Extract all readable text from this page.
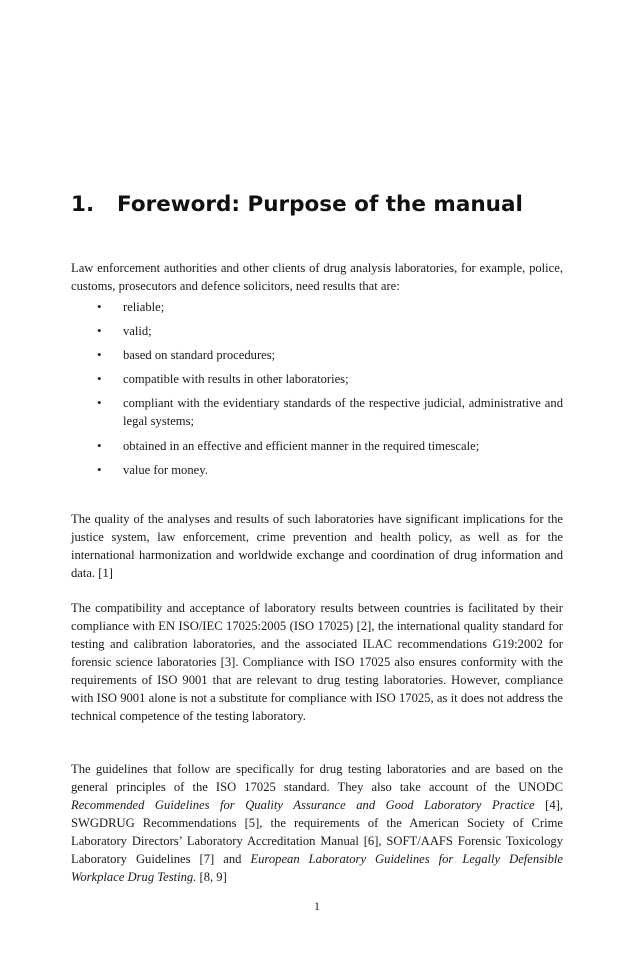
1. Foreword: Purpose of the manual
Law enforcement authorities and other clients of drug analysis laboratories, for example, police, customs, prosecutors and defence solicitors, need results that are:
• reliable;
• valid;
• based on standard procedures;
• compatible with results in other laboratories;
• compliant with the evidentiary standards of the respective judicial, administrative and legal systems;
• obtained in an effective and efficient manner in the required timescale;
• value for money.
The quality of the analyses and results of such laboratories have significant implications for the justice system, law enforcement, crime prevention and health policy, as well as for the international harmonization and worldwide exchange and coordination of drug information and data. [1]
The compatibility and acceptance of laboratory results between countries is facilitated by their compliance with EN ISO/IEC 17025:2005 (ISO 17025) [2], the international quality standard for testing and calibration laboratories, and the associated ILAC recommendations G19:2002 for forensic science laboratories [3]. Compliance with ISO 17025 also ensures conformity with the requirements of ISO 9001 that are relevant to drug testing laboratories. However, compliance with ISO 9001 alone is not a substitute for compliance with ISO 17025, as it does not address the technical competence of the testing laboratory.
The guidelines that follow are specifically for drug testing laboratories and are based on the general principles of the ISO 17025 standard. They also take account of the UNODC Recommended Guidelines for Quality Assurance and Good Laboratory Practice [4], SWGDRUG Recommendations [5], the requirements of the American Society of Crime Laboratory Directors’ Laboratory Accreditation Manual [6], SOFT/AAFS Forensic Toxicology Laboratory Guidelines [7] and European Laboratory Guidelines for Legally Defensible Workplace Drug Testing. [8, 9]
1
